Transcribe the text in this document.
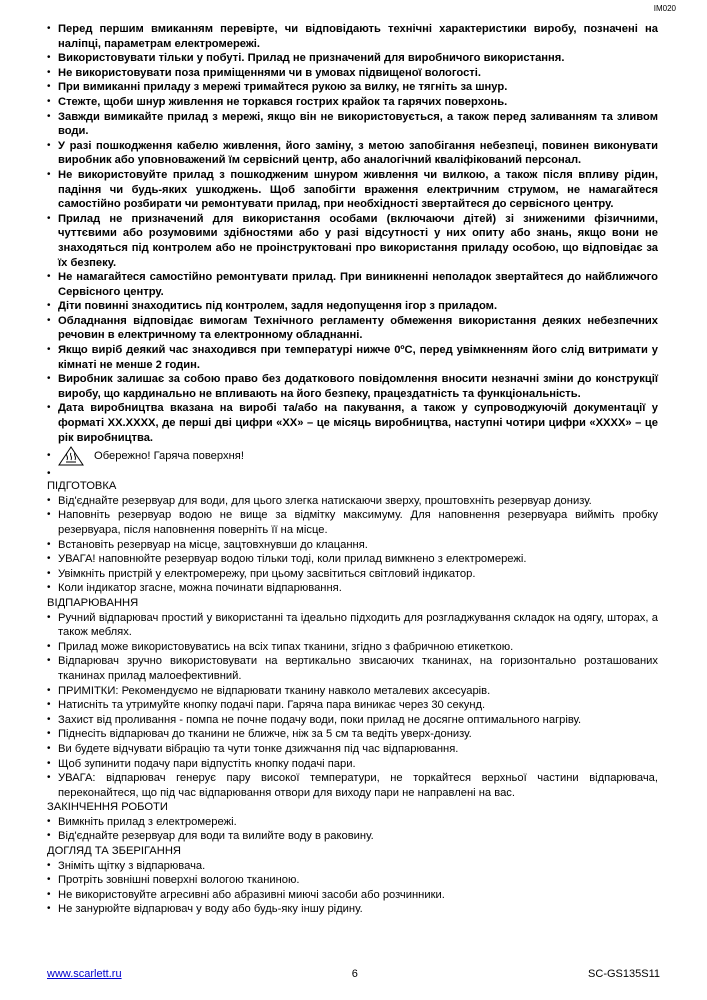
IM020
• Перед першим вмиканням перевірте, чи відповідають технічні характеристики виробу, позначені на наліпці, параметрам електромережі.
• Використовувати тільки у побуті. Прилад не призначений для виробничого використання.
• Не використовувати поза приміщеннями чи в умовах підвищеної вологості.
• При вимиканні приладу з мережі тримайтеся рукою за вилку, не тягніть за шнур.
• Стежте, щоби шнур живлення не торкався гострих крайок та гарячих поверхонь.
• Завжди вимикайте прилад з мережі, якщо він не використовується, а також перед заливанням та зливом води.
• У разі пошкодження кабелю живлення, його заміну, з метою запобігання небезпеці, повинен виконувати виробник або уповноважений їм сервісний центр, або аналогічний кваліфікований персонал.
• Не використовуйте прилад з пошкодженим шнуром живлення чи вилкою, а також після впливу рідин, падіння чи будь-яких ушкоджень. Щоб запобігти враження електричним струмом, не намагайтеся самостійно розбирати чи ремонтувати прилад, при необхідності звертайтеся до сервісного центру.
• Прилад не призначений для використання особами (включаючи дітей) зі зниженими фізичними, чуттєвими або розумовими здібностями або у разі відсутності у них опиту або знань, якщо вони не знаходяться під контролем або не проінструктовані про використання приладу особою, що відповідає за їх безпеку.
• Не намагайтеся самостійно ремонтувати прилад. При виникненні неполадок звертайтеся до найближчого Сервісного центру.
• Діти повинні знаходитись під контролем, задля недопущення ігор з приладом.
• Обладнання відповідає вимогам Технічного регламенту обмеження використання деяких небезпечних речовин в електричному та електронному обладнанні.
• Якщо виріб деякий час знаходився при температурі нижче 0ºС, перед увімкненням його слід витримати у кімнаті не менше 2 годин.
• Виробник залишає за собою право без додаткового повідомлення вносити незначні зміни до конструкції виробу, що кардинально не впливають на його безпеку, працездатність та функціональність.
• Дата виробництва вказана на виробі та/або на пакування, а також у супроводжуючій документації у форматі XX.XXXX, де перші дві цифри «XX» – це місяць виробництва, наступні чотири цифри «XXXX» – це рік виробництва.
•	Обережно! Гаряча поверхня!
•
ПІДГОТОВКА
• Від'єднайте резервуар для води, для цього злегка натискаючи зверху, проштовхніть резервуар донизу.
• Наповніть резервуар водою не вище за відмітку максимуму. Для наповнення резервуара вийміть пробку резервуара, після наповнення поверніть її на місце.
• Встановіть резервуар на місце, зацтовхнувши до клацання.
• УВАГА! наповнюйте резервуар водою тільки тоді, коли прилад вимкнено з електромережі.
• Увімкніть пристрій у електромережу, при цьому засвітиться світловий індикатор.
• Коли індикатор згасне, можна починати відпарювання.
ВІДПАРЮВАННЯ
• Ручний відпарювач простий у використанні та ідеально підходить для розгладжування складок на одягу, шторах, а також меблях.
• Прилад може використовуватись на всіх типах тканини, згідно з фабричною етикеткою.
• Відпарювач зручно використовувати на вертикально звисаючих тканинах, на горизонтально розташованих тканинах прилад малоефективний.
• ПРИМІТКИ: Рекомендуємо не відпарювати тканину навколо металевих аксесуарів.
• Натисніть та утримуйте кнопку подачі пари. Гаряча пара виникає через 30 секунд.
• Захист від проливання - помпа не почне подачу води, поки прилад не досягне оптимального нагріву.
• Піднесіть відпарювач до тканини не ближче, ніж за 5 см та ведіть уверх-донизу.
• Ви будете відчувати вібрацію та чути тонке дзижчання під час відпарювання.
• Щоб зупинити подачу пари відпустіть кнопку подачі пари.
• УВАГА: відпарювач генерує пару високої температури, не торкайтеся верхньої частини відпарювача, переконайтеся, що під час відпарювання отвори для виходу пари не направлені на вас.
ЗАКІНЧЕННЯ РОБОТИ
• Вимкніть прилад з електромережі.
• Від'єднайте резервуар для води та вилийте воду в раковину.
ДОГЛЯД ТА ЗБЕРІГАННЯ
• Зніміть щітку з відпарювача.
• Протріть зовнішні поверхні вологою тканиною.
• Не використовуйте агресивні або абразивні миючі засоби або розчинники.
• Не занурюйте відпарювач у воду або будь-яку іншу рідину.
www.scarlett.ru	6	SC-GS135S11
